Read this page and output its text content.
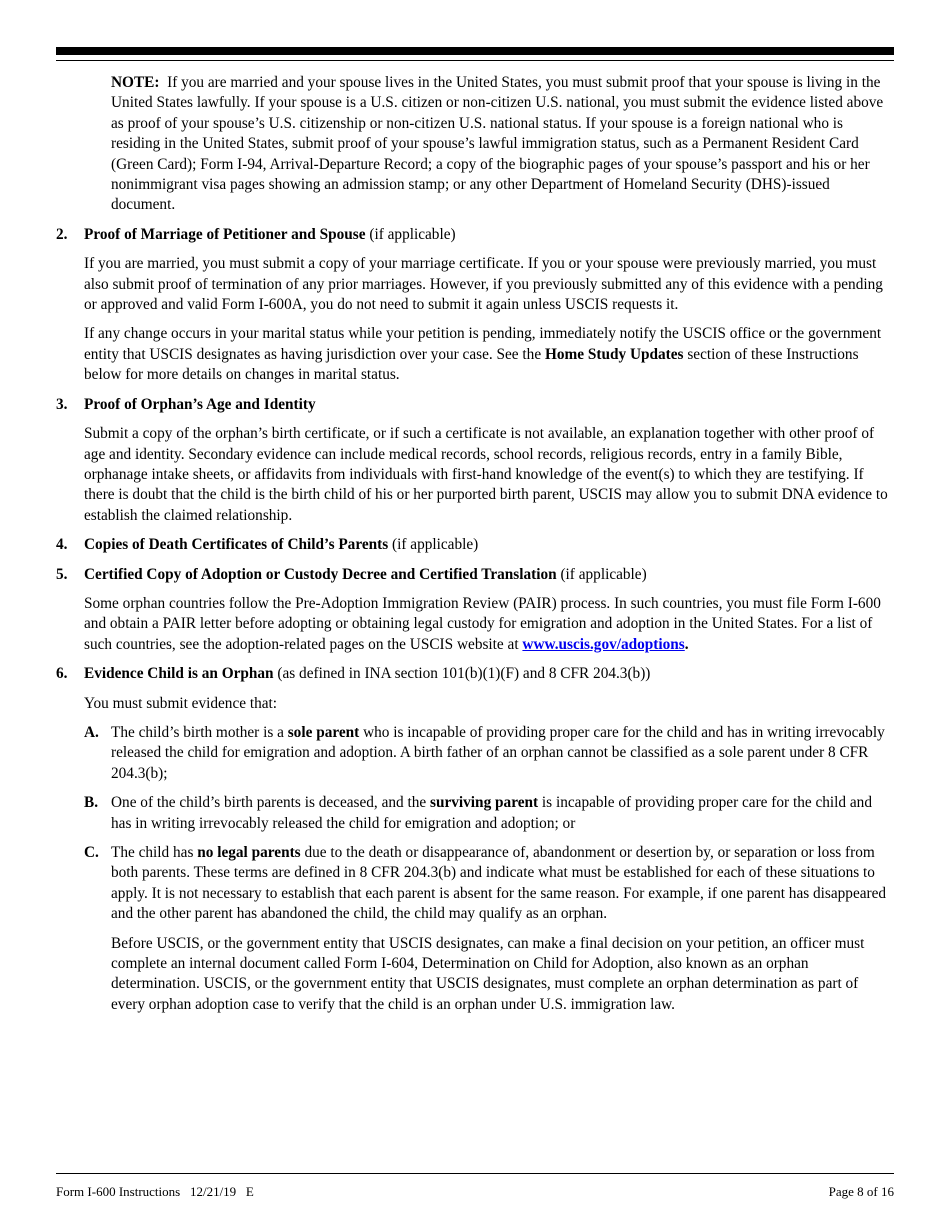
NOTE: If you are married and your spouse lives in the United States, you must submit proof that your spouse is living in the United States lawfully. If your spouse is a U.S. citizen or non-citizen U.S. national, you must submit the evidence listed above as proof of your spouse’s U.S. citizenship or non-citizen U.S. national status. If your spouse is a foreign national who is residing in the United States, submit proof of your spouse’s lawful immigration status, such as a Permanent Resident Card (Green Card); Form I-94, Arrival-Departure Record; a copy of the biographic pages of your spouse’s passport and his or her nonimmigrant visa pages showing an admission stamp; or any other Department of Homeland Security (DHS)-issued document.

2.	Proof of Marriage of Petitioner and Spouse (if applicable)

If you are married, you must submit a copy of your marriage certificate. If you or your spouse were previously married, you must also submit proof of termination of any prior marriages. However, if you previously submitted any of this evidence with a pending or approved and valid Form I-600A, you do not need to submit it again unless USCIS requests it.

If any change occurs in your marital status while your petition is pending, immediately notify the USCIS office or the government entity that USCIS designates as having jurisdiction over your case. See the Home Study Updates section of these Instructions below for more details on changes in marital status.

3.	Proof of Orphan’s Age and Identity

Submit a copy of the orphan’s birth certificate, or if such a certificate is not available, an explanation together with other proof of age and identity. Secondary evidence can include medical records, school records, religious records, entry in a family Bible, orphanage intake sheets, or affidavits from individuals with first-hand knowledge of the event(s) to which they are testifying. If there is doubt that the child is the birth child of his or her purported birth parent, USCIS may allow you to submit DNA evidence to establish the claimed relationship.

4.	Copies of Death Certificates of Child’s Parents (if applicable)
5.	Certified Copy of Adoption or Custody Decree and Certified Translation (if applicable)

Some orphan countries follow the Pre-Adoption Immigration Review (PAIR) process. In such countries, you must file Form I-600 and obtain a PAIR letter before adopting or obtaining legal custody for emigration and adoption in the United States. For a list of such countries, see the adoption-related pages on the USCIS website at www.uscis.gov/adoptions.

6.	Evidence Child is an Orphan (as defined in INA section 101(b)(1)(F) and 8 CFR 204.3(b))

You must submit evidence that:

A. The child’s birth mother is a sole parent who is incapable of providing proper care for the child and has in writing irrevocably released the child for emigration and adoption. A birth father of an orphan cannot be classified as a sole parent under 8 CFR 204.3(b);
B. One of the child’s birth parents is deceased, and the surviving parent is incapable of providing proper care for the child and has in writing irrevocably released the child for emigration and adoption; or
C. The child has no legal parents due to the death or disappearance of, abandonment or desertion by, or separation or loss from both parents. These terms are defined in 8 CFR 204.3(b) and indicate what must be established for each of these situations to apply. It is not necessary to establish that each parent is absent for the same reason. For example, if one parent has disappeared and the other parent has abandoned the child, the child may qualify as an orphan.

Before USCIS, or the government entity that USCIS designates, can make a final decision on your petition, an officer must complete an internal document called Form I-604, Determination on Child for Adoption, also known as an orphan determination. USCIS, or the government entity that USCIS designates, must complete an orphan determination as part of every orphan adoption case to verify that the child is an orphan under U.S. immigration law.

Form I-600 Instructions   12/21/19   E	Page 8 of 16
